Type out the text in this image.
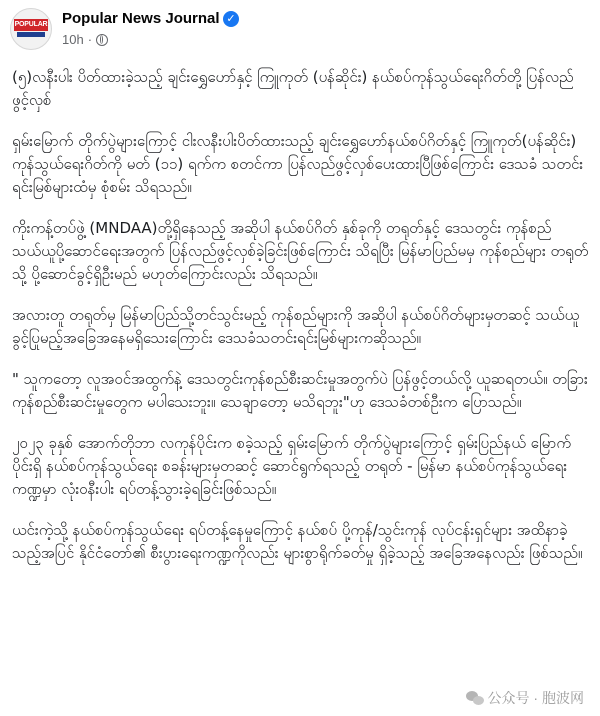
POPULAR Popular News Journal ✓
10h ·

(၅)လနီးပါး ပိတ်ထားခဲ့သည့် ချင်းရွှေဟော်နှင့် ကြူကုတ် (ပန်ဆိုင်း) နယ်စပ်ကုန်သွယ်ရေးဂိတ်တို့ ပြန်လည်ဖွင့်လှစ်

ရှမ်းမြောက် တိုက်ပွဲများကြောင့် ငါးလနီးပါးပိတ်ထားသည့် ချင်းရွှေဟော်နယ်စပ်ဂိတ်နှင့် ကြူကုတ်(ပန်ဆိုင်း) ကုန်သွယ်ရေးဂိတ်ကို မတ် (၁၁) ရက်က စတင်ကာ ပြန်လည်ဖွင့်လှစ်ပေးထားပြီဖြစ်ကြောင်း ဒေသခံ သတင်းရင်းမြစ်များထံမှ စုံစမ်း သိရသည်။

ကိုးကန့်တပ်ဖွဲ့ (MNDAA)တို့ရှိနေသည့် အဆိုပါ နယ်စပ်ဂိတ် နှစ်ခုကို တရုတ်နှင့် ဒေသတွင်း ကုန်စည်သယ်ယူပို့ဆောင်ရေးအတွက် ပြန်လည်ဖွင့်လှစ်ခဲ့ခြင်းဖြစ်ကြောင်း သိရပြီး မြန်မာပြည်မမှ ကုန်စည်များ တရုတ်သို့ ပို့ဆောင်ခွင့်ရှိဦးမည် မဟုတ်ကြောင်းလည်း သိရသည်။

အလားတူ တရုတ်မှ မြန်မာပြည်သို့တင်သွင်းမည့် ကုန်စည်များကို အဆိုပါ နယ်စပ်ဂိတ်များမှတဆင့် သယ်ယူခွင့်ပြုမည့်အခြေအနေမရှိသေးကြောင်း ဒေသခံသတင်းရင်းမြစ်များကဆိုသည်။

" သူကတော့ လူအဝင်အထွက်နဲ့ ဒေသတွင်းကုန်စည်စီးဆင်းမှုအတွက်ပဲ ပြန်ဖွင့်တယ်လို့ ယူဆရတယ်။ တခြားကုန်စည်စီးဆင်းမှုတွေက မပါသေးဘူး။ သေချာတော့ မသိရဘူး"ဟု ဒေသခံတစ်ဦးက ပြောသည်။

၂၀၂၃ ခုနှစ် အောက်တိုဘာ လကုန်ပိုင်းက စခဲ့သည့် ရှမ်းမြောက် တိုက်ပွဲများကြောင့် ရှမ်းပြည်နယ် မြောက်ပိုင်းရှိ နယ်စပ်ကုန်သွယ်ရေး စခန်းများမှတဆင့် ဆောင်ရွက်ရသည့် တရုတ် - မြန်မာ နယ်စပ်ကုန်သွယ်ရေး ကဏ္ဍမှာ လုံးဝနီးပါး ရပ်တန့်သွားခဲ့ရခြင်းဖြစ်သည်။

ယင်းကဲ့သို့ နယ်စပ်ကုန်သွယ်ရေး ရပ်တန့်နေမှုကြောင့် နယ်စပ် ပို့ကုန်/သွင်းကုန် လုပ်ငန်းရှင်များ အထိနာခဲ့သည့်အပြင် နိုင်ငံတော်၏ စီးပွားရေးကဏ္ဍကိုလည်း များစွာရိုက်ခတ်မှု ရှိခဲ့သည့် အခြေအနေလည်း ဖြစ်သည်။

公众号 · 胞波网
